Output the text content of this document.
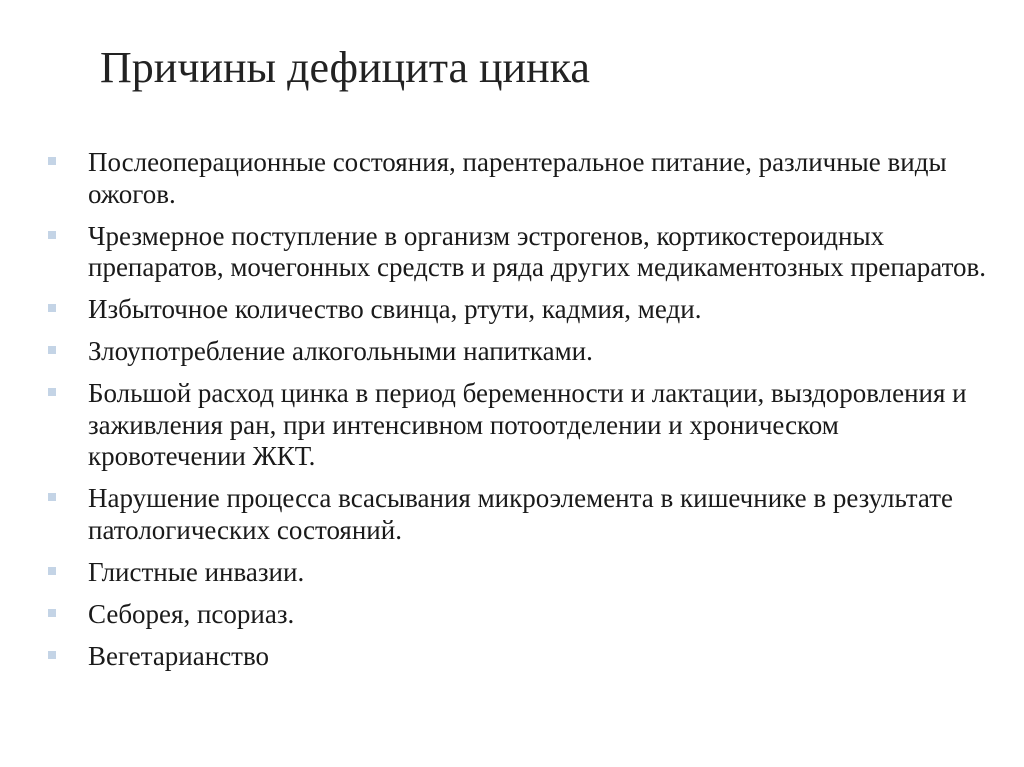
Причины дефицита цинка
Послеоперационные состояния, парентеральное питание, различные виды ожогов.
Чрезмерное поступление в организм эстрогенов, кортикостероидных препаратов, мочегонных средств и ряда других медикаментозных препаратов.
Избыточное количество свинца, ртути, кадмия, меди.
Злоупотребление алкогольными напитками.
Большой расход цинка в период беременности и лактации, выздоровления и заживления ран, при интенсивном потоотделении и хроническом кровотечении ЖКТ.
Нарушение процесса всасывания микроэлемента в кишечнике в результате патологических состояний.
Глистные инвазии.
Себорея, псориаз.
Вегетарианство
